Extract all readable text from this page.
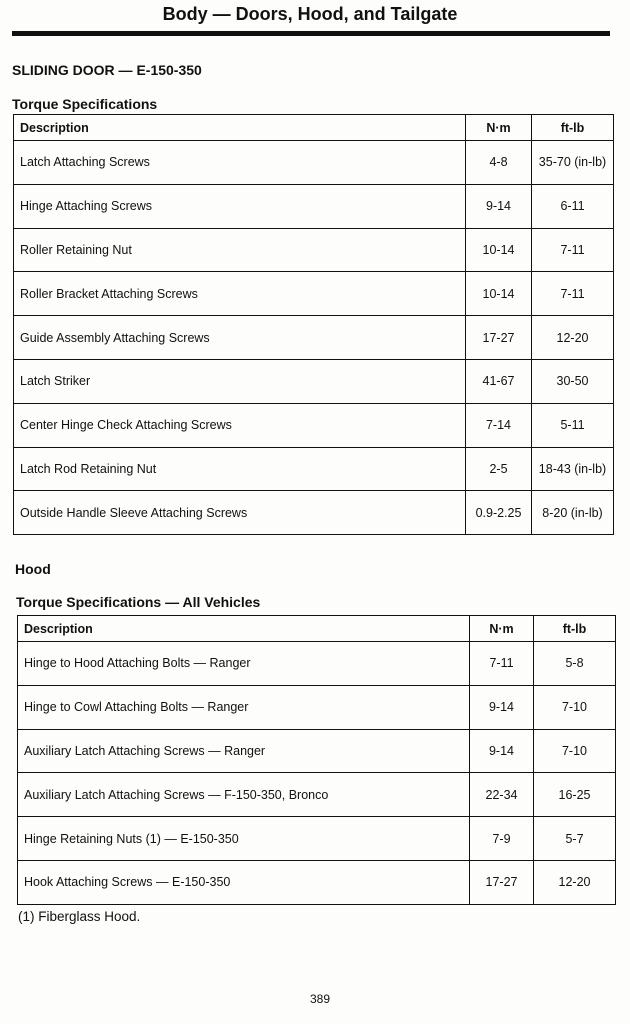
Body — Doors, Hood, and Tailgate
SLIDING DOOR — E-150-350
Torque Specifications
Description	N·m	ft-lb
Latch Attaching Screws	4-8	35-70 (in-lb)
Hinge Attaching Screws	9-14	6-11
Roller Retaining Nut	10-14	7-11
Roller Bracket Attaching Screws	10-14	7-11
Guide Assembly Attaching Screws	17-27	12-20
Latch Striker	41-67	30-50
Center Hinge Check Attaching Screws	7-14	5-11
Latch Rod Retaining Nut	2-5	18-43 (in-lb)
Outside Handle Sleeve Attaching Screws	0.9-2.25	8-20 (in-lb)
Hood
Torque Specifications — All Vehicles
Description	N·m	ft-lb
Hinge to Hood Attaching Bolts — Ranger	7-11	5-8
Hinge to Cowl Attaching Bolts — Ranger	9-14	7-10
Auxiliary Latch Attaching Screws — Ranger	9-14	7-10
Auxiliary Latch Attaching Screws — F-150-350, Bronco	22-34	16-25
Hinge Retaining Nuts (1) — E-150-350	7-9	5-7
Hook Attaching Screws — E-150-350	17-27	12-20
(1) Fiberglass Hood.
389
